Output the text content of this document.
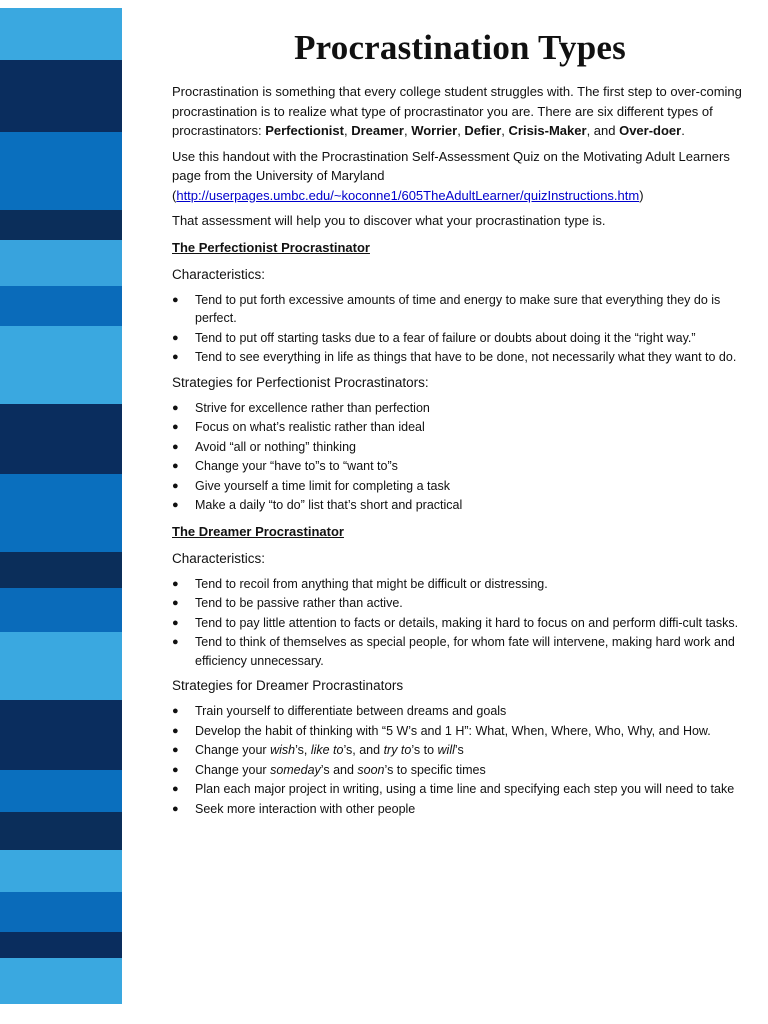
Procrastination Types

Procrastination is something that every college student struggles with. The first step to over-coming procrastination is to realize what type of procrastinator you are. There are six different types of procrastinators: Perfectionist, Dreamer, Worrier, Defier, Crisis-Maker, and Over-doer.

Use this handout with the Procrastination Self-Assessment Quiz on the Motivating Adult Learners page from the University of Maryland (http://userpages.umbc.edu/~koconne1/605TheAdultLearner/quizInstructions.htm)

That assessment will help you to discover what your procrastination type is.

The Perfectionist Procrastinator
Characteristics:
● Tend to put forth excessive amounts of time and energy to make sure that everything they do is perfect.
● Tend to put off starting tasks due to a fear of failure or doubts about doing it the “right way.”
● Tend to see everything in life as things that have to be done, not necessarily what they want to do.
Strategies for Perfectionist Procrastinators:
● Strive for excellence rather than perfection
● Focus on what’s realistic rather than ideal
● Avoid “all or nothing” thinking
● Change your “have to”s to “want to”s
● Give yourself a time limit for completing a task
● Make a daily “to do” list that’s short and practical
The Dreamer Procrastinator
Characteristics:
● Tend to recoil from anything that might be difficult or distressing.
● Tend to be passive rather than active.
● Tend to pay little attention to facts or details, making it hard to focus on and perform diffi-cult tasks.
● Tend to think of themselves as special people, for whom fate will intervene, making hard work and efficiency unnecessary.
Strategies for Dreamer Procrastinators
● Train yourself to differentiate between dreams and goals
● Develop the habit of thinking with “5 W’s and 1 H”: What, When, Where, Who, Why, and How.
● Change your wish’s, like to’s, and try to’s to will’s
● Change your someday’s and soon’s to specific times
● Plan each major project in writing, using a time line and specifying each step you will need to take
● Seek more interaction with other people
